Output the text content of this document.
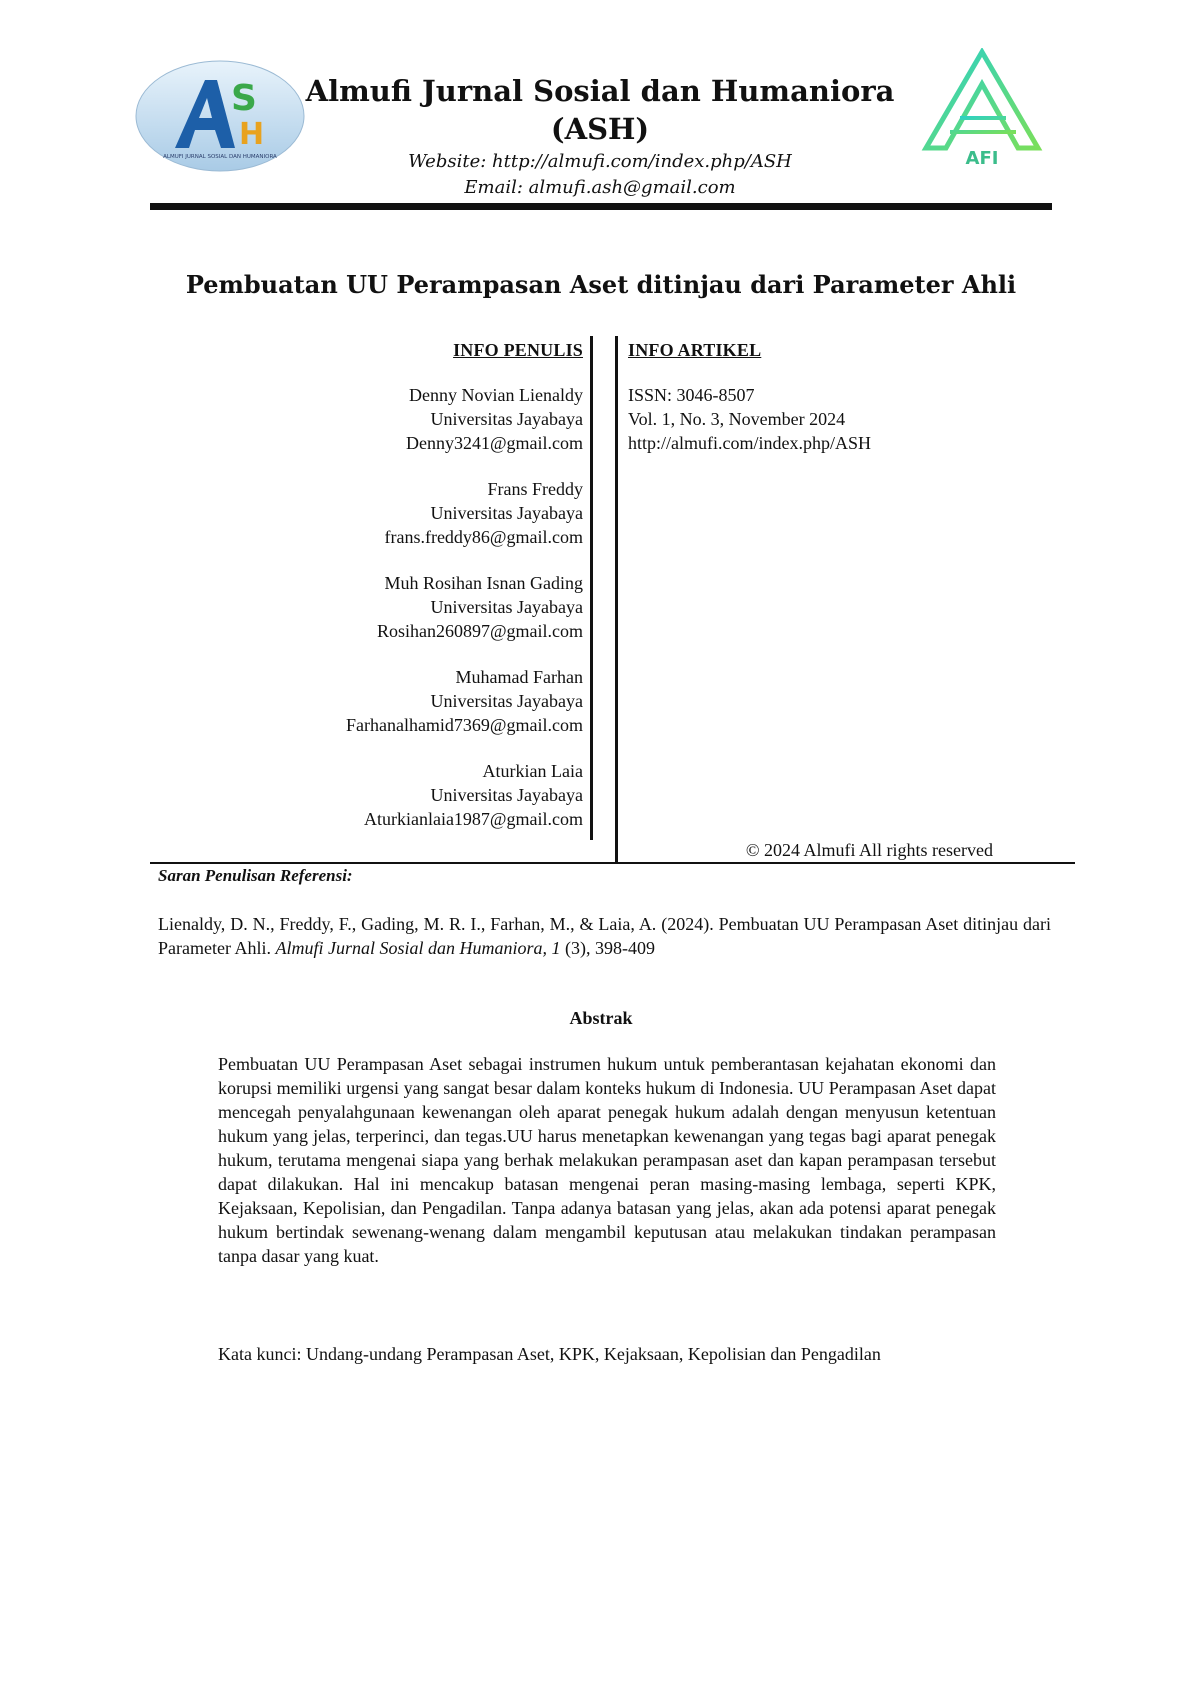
S
H
ALMUFI JURNAL SOSIAL DAN HUMANIORA	AFI
Almufi Jurnal Sosial dan Humaniora
(ASH)
Website: http://almufi.com/index.php/ASH
Email: almufi.ash@gmail.com
Pembuatan UU Perampasan Aset ditinjau dari Parameter Ahli
INFO PENULIS
Denny Novian Lienaldy
Universitas Jayabaya
Denny3241@gmail.com
Frans Freddy
Universitas Jayabaya
frans.freddy86@gmail.com
Muh Rosihan Isnan Gading
Universitas Jayabaya
Rosihan260897@gmail.com
Muhamad Farhan
Universitas Jayabaya
Farhanalhamid7369@gmail.com
Aturkian Laia
Universitas Jayabaya
Aturkianlaia1987@gmail.com
INFO ARTIKEL
ISSN: 3046-8507
Vol. 1, No. 3, November 2024
http://almufi.com/index.php/ASH
© 2024 Almufi All rights reserved
Saran Penulisan Referensi:
Lienaldy, D. N., Freddy, F., Gading, M. R. I., Farhan, M., & Laia, A. (2024). Pembuatan UU Perampasan Aset ditinjau dari Parameter Ahli. Almufi Jurnal Sosial dan Humaniora, 1 (3), 398-409
Abstrak
Pembuatan UU Perampasan Aset sebagai instrumen hukum untuk pemberantasan kejahatan ekonomi dan korupsi memiliki urgensi yang sangat besar dalam konteks hukum di Indonesia. UU Perampasan Aset dapat mencegah penyalahgunaan kewenangan oleh aparat penegak hukum adalah dengan menyusun ketentuan hukum yang jelas, terperinci, dan tegas.UU harus menetapkan kewenangan yang tegas bagi aparat penegak hukum, terutama mengenai siapa yang berhak melakukan perampasan aset dan kapan perampasan tersebut dapat dilakukan. Hal ini mencakup batasan mengenai peran masing-masing lembaga, seperti KPK, Kejaksaan, Kepolisian, dan Pengadilan. Tanpa adanya batasan yang jelas, akan ada potensi aparat penegak hukum bertindak sewenang-wenang dalam mengambil keputusan atau melakukan tindakan perampasan tanpa dasar yang kuat.
Kata kunci: Undang-undang Perampasan Aset, KPK, Kejaksaan, Kepolisian dan Pengadilan
